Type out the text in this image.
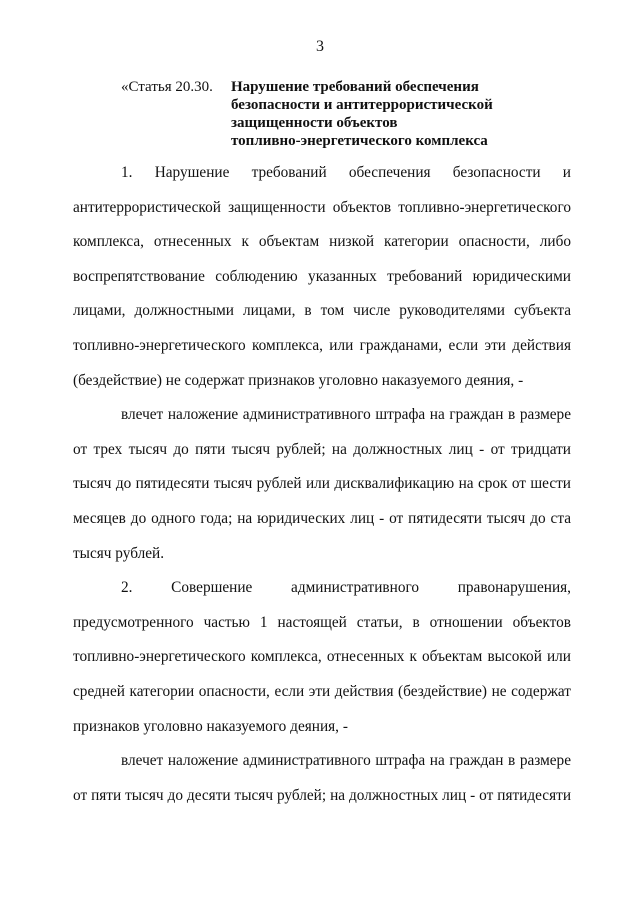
3
«Статья 20.30. Нарушение требований обеспечения
безопасности и антитеррористической
защищенности объектов
топливно-энергетического комплекса
1. Нарушение требований обеспечения безопасности и
антитеррористической защищенности объектов топливно-энергетического
комплекса, отнесенных к объектам низкой категории опасности, либо
воспрепятствование соблюдению указанных требований юридическими
лицами, должностными лицами, в том числе руководителями субъекта
топливно-энергетического комплекса, или гражданами, если эти действия
(бездействие) не содержат признаков уголовно наказуемого деяния, -
влечет наложение административного штрафа на граждан в размере
от трех тысяч до пяти тысяч рублей; на должностных лиц - от тридцати
тысяч до пятидесяти тысяч рублей или дисквалификацию на срок от шести
месяцев до одного года; на юридических лиц - от пятидесяти тысяч до ста
тысяч рублей.
2. Совершение административного правонарушения,
предусмотренного частью 1 настоящей статьи, в отношении объектов
топливно-энергетического комплекса, отнесенных к объектам высокой или
средней категории опасности, если эти действия (бездействие) не содержат
признаков уголовно наказуемого деяния, -
влечет наложение административного штрафа на граждан в размере
от пяти тысяч до десяти тысяч рублей; на должностных лиц - от пятидесяти
